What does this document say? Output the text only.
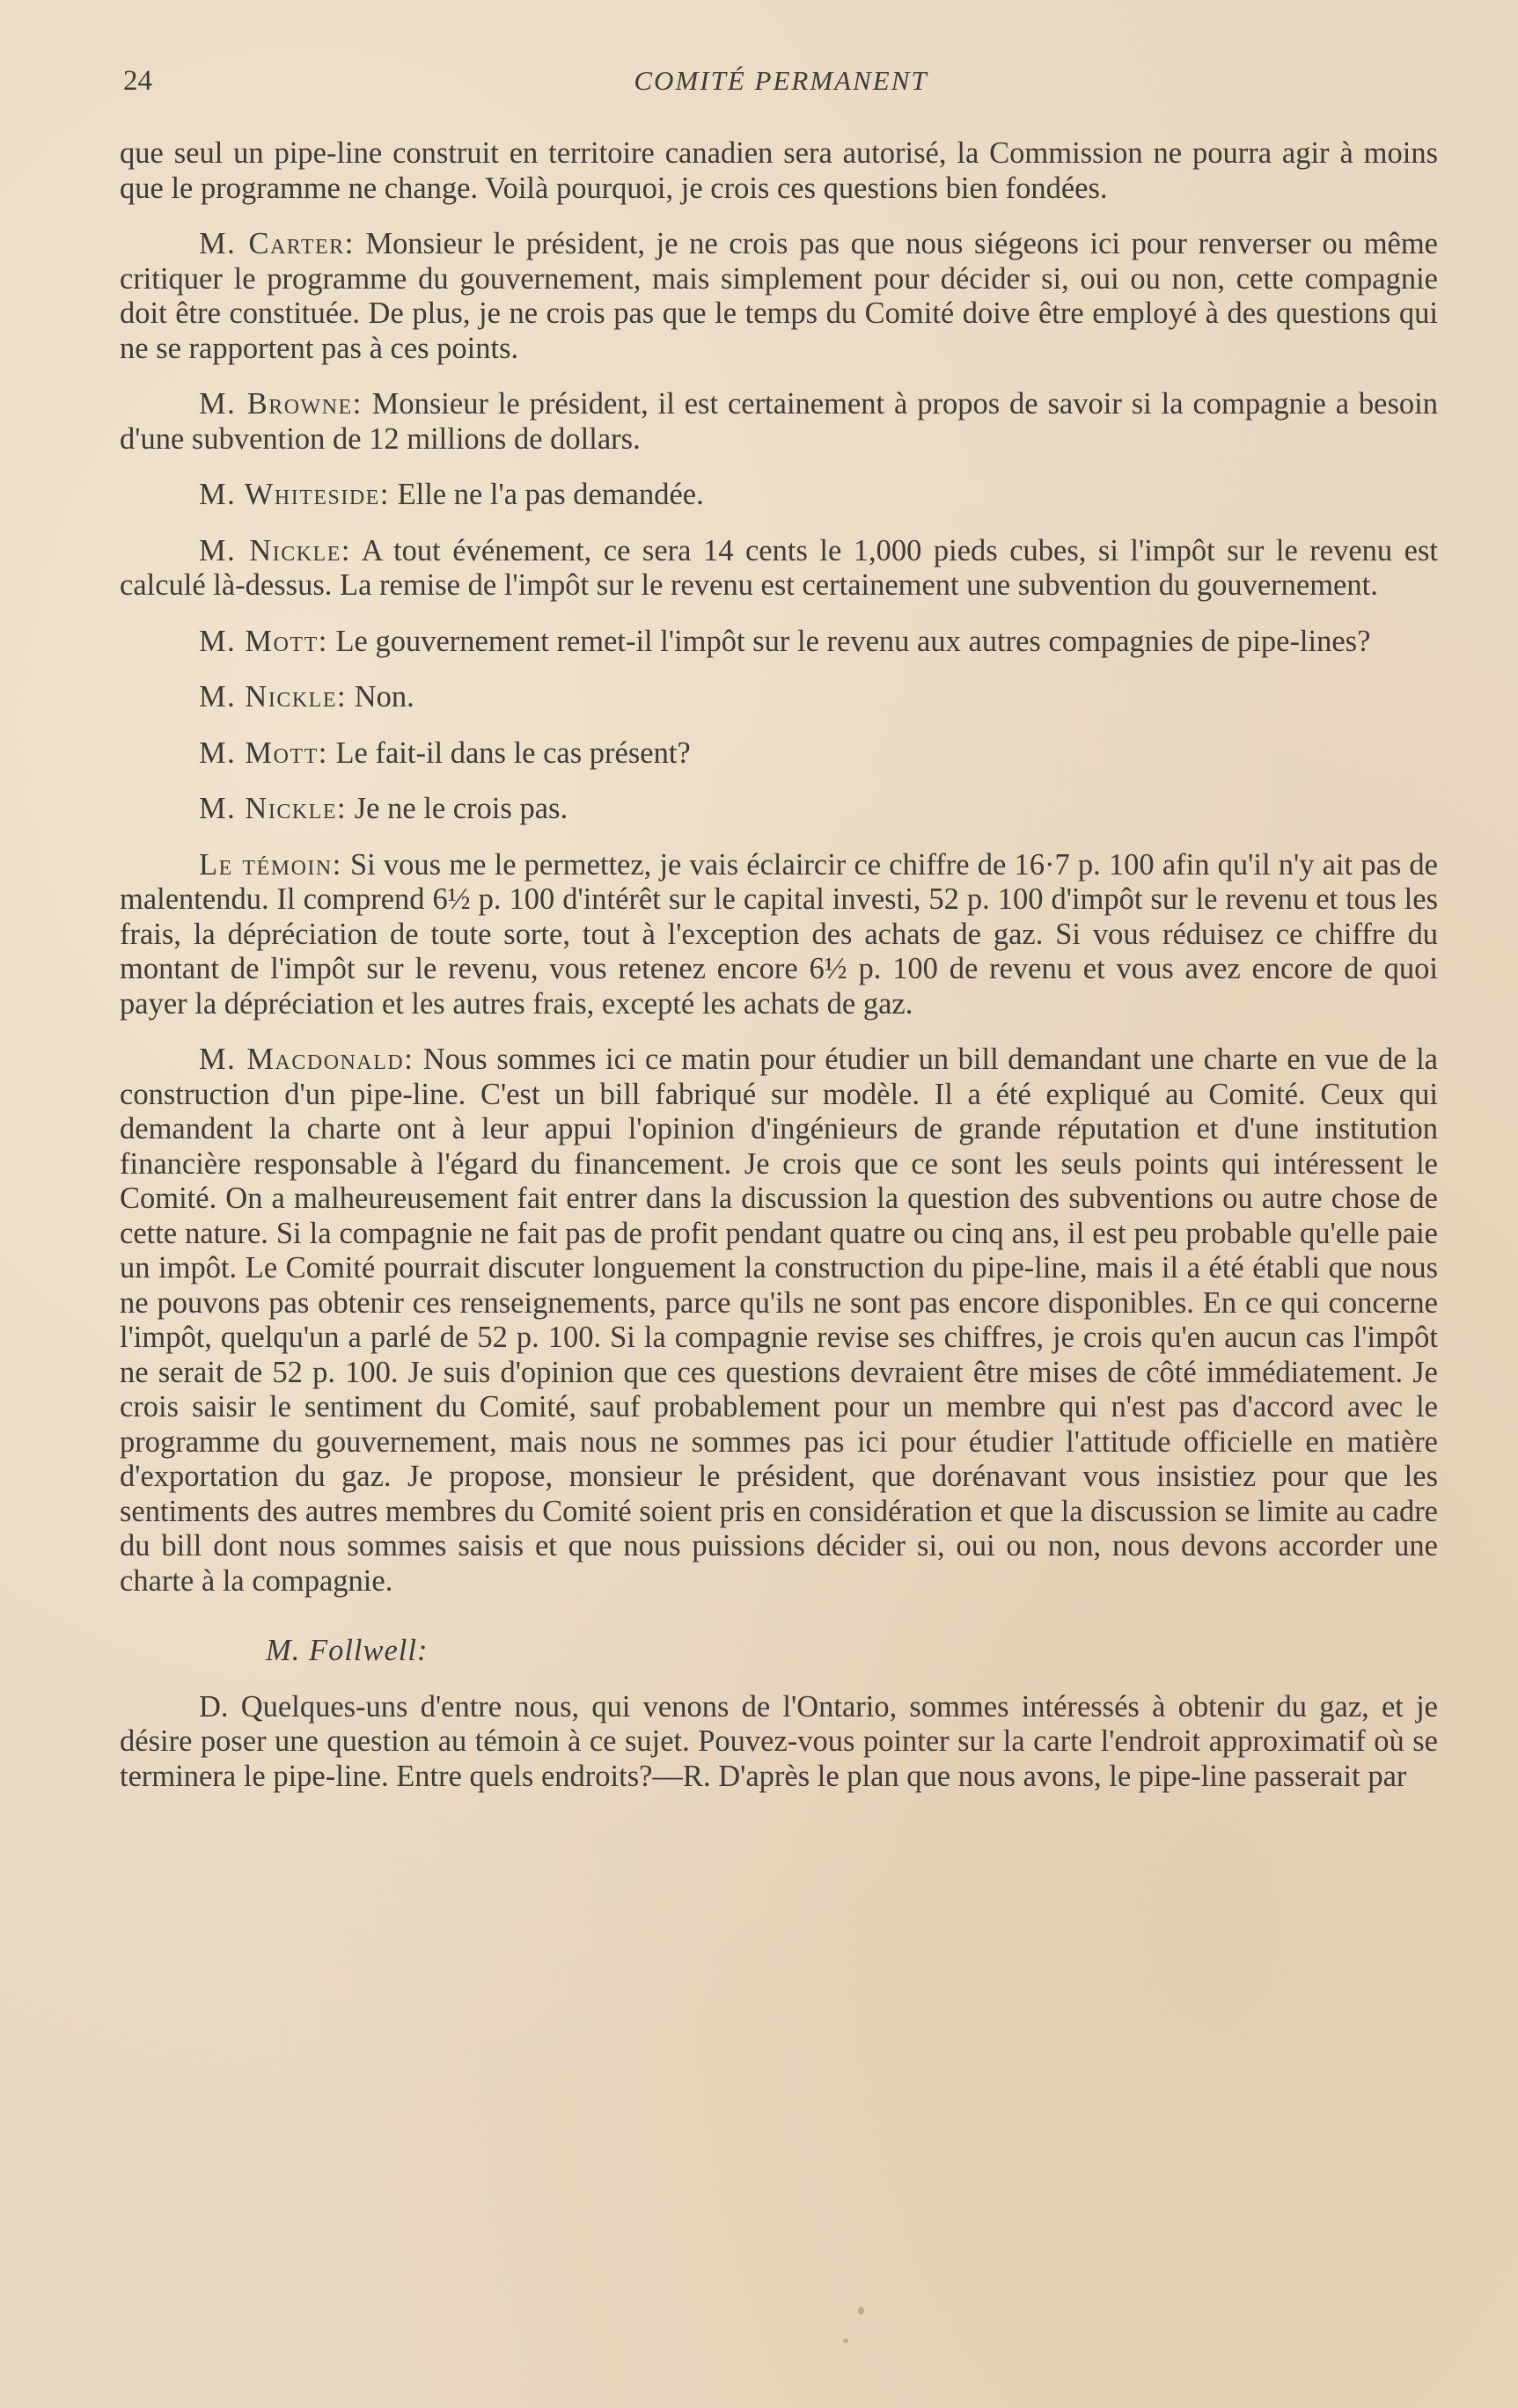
24	COMITÉ PERMANENT

que seul un pipe-line construit en territoire canadien sera autorisé, la Commission ne pourra agir à moins que le programme ne change. Voilà pourquoi, je crois ces questions bien fondées.

M. Carter: Monsieur le président, je ne crois pas que nous siégeons ici pour renverser ou même critiquer le programme du gouvernement, mais simplement pour décider si, oui ou non, cette compagnie doit être constituée. De plus, je ne crois pas que le temps du Comité doive être employé à des questions qui ne se rapportent pas à ces points.

M. Browne: Monsieur le président, il est certainement à propos de savoir si la compagnie a besoin d'une subvention de 12 millions de dollars.

M. Whiteside: Elle ne l'a pas demandée.

M. Nickle: A tout événement, ce sera 14 cents le 1,000 pieds cubes, si l'impôt sur le revenu est calculé là-dessus. La remise de l'impôt sur le revenu est certainement une subvention du gouvernement.

M. Mott: Le gouvernement remet-il l'impôt sur le revenu aux autres compagnies de pipe-lines?

M. Nickle: Non.

M. Mott: Le fait-il dans le cas présent?

M. Nickle: Je ne le crois pas.

Le témoin: Si vous me le permettez, je vais éclaircir ce chiffre de 16·7 p. 100 afin qu'il n'y ait pas de malentendu. Il comprend 6½ p. 100 d'intérêt sur le capital investi, 52 p. 100 d'impôt sur le revenu et tous les frais, la dépréciation de toute sorte, tout à l'exception des achats de gaz. Si vous réduisez ce chiffre du montant de l'impôt sur le revenu, vous retenez encore 6½ p. 100 de revenu et vous avez encore de quoi payer la dépréciation et les autres frais, excepté les achats de gaz.

M. Macdonald: Nous sommes ici ce matin pour étudier un bill demandant une charte en vue de la construction d'un pipe-line. C'est un bill fabriqué sur modèle. Il a été expliqué au Comité. Ceux qui demandent la charte ont à leur appui l'opinion d'ingénieurs de grande réputation et d'une institution financière responsable à l'égard du financement. Je crois que ce sont les seuls points qui intéressent le Comité. On a malheureusement fait entrer dans la discussion la question des subventions ou autre chose de cette nature. Si la compagnie ne fait pas de profit pendant quatre ou cinq ans, il est peu probable qu'elle paie un impôt. Le Comité pourrait discuter longuement la construction du pipe-line, mais il a été établi que nous ne pouvons pas obtenir ces renseignements, parce qu'ils ne sont pas encore disponibles. En ce qui concerne l'impôt, quelqu'un a parlé de 52 p. 100. Si la compagnie revise ses chiffres, je crois qu'en aucun cas l'impôt ne serait de 52 p. 100. Je suis d'opinion que ces questions devraient être mises de côté immédiatement. Je crois saisir le sentiment du Comité, sauf probablement pour un membre qui n'est pas d'accord avec le programme du gouvernement, mais nous ne sommes pas ici pour étudier l'attitude officielle en matière d'exportation du gaz. Je propose, monsieur le président, que dorénavant vous insistiez pour que les sentiments des autres membres du Comité soient pris en considération et que la discussion se limite au cadre du bill dont nous sommes saisis et que nous puissions décider si, oui ou non, nous devons accorder une charte à la compagnie.

M. Follwell:

D. Quelques-uns d'entre nous, qui venons de l'Ontario, sommes intéressés à obtenir du gaz, et je désire poser une question au témoin à ce sujet. Pouvez-vous pointer sur la carte l'endroit approximatif où se terminera le pipe-line. Entre quels endroits?—R. D'après le plan que nous avons, le pipe-line passerait par
